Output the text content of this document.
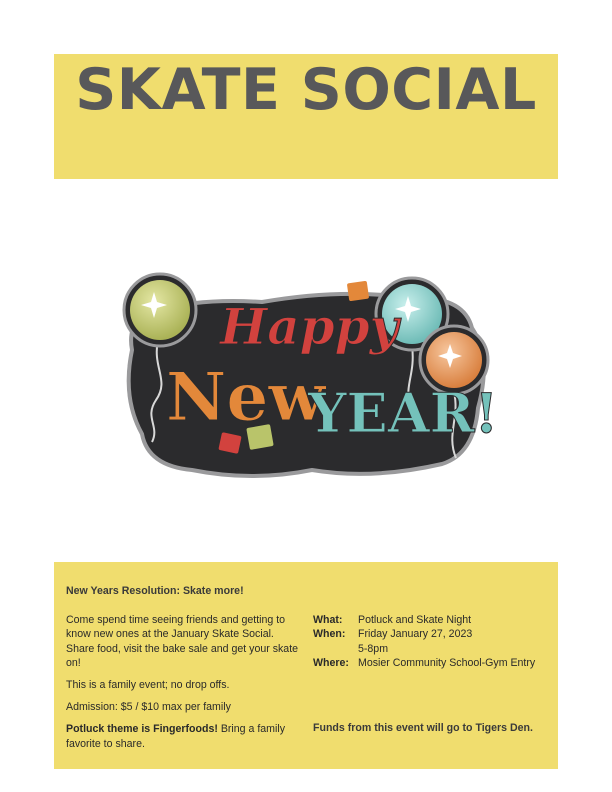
SKATE SOCIAL
Happy
New
YEAR!
New Years Resolution: Skate more!

Come spend time seeing friends and getting to know new ones at the January Skate Social. Share food, visit the bake sale and get your skate on!

This is a family event; no drop offs.

Admission: $5 / $10 max per family

Potluck theme is Fingerfoods! Bring a family favorite to share.

What:	Potluck and Skate Night
When:	Friday January 27, 2023
5-8pm
Where: Mosier Community School-Gym Entry
Funds from this event will go to Tigers Den.
